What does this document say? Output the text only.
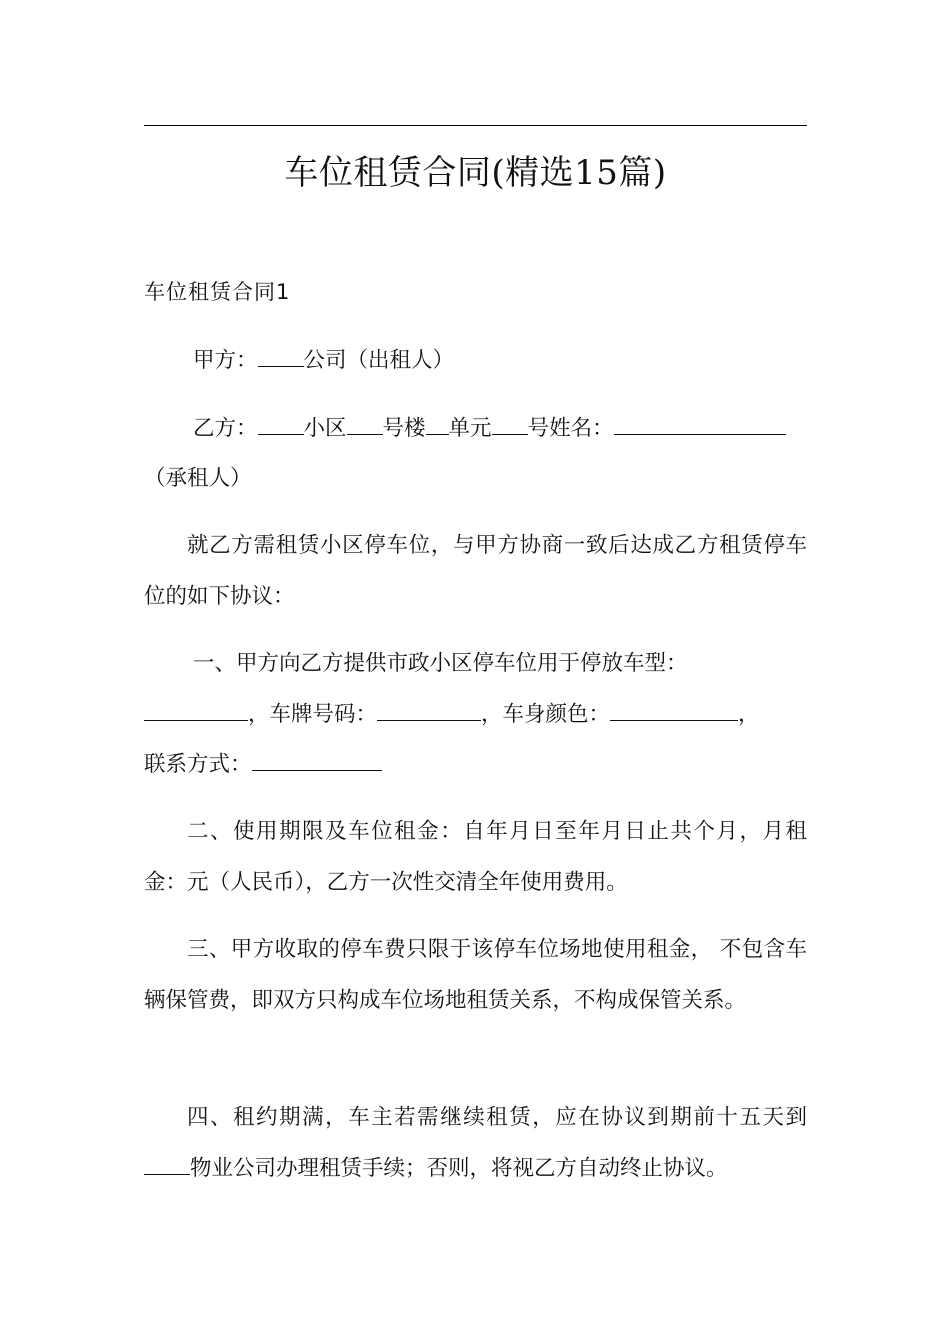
车位租赁合同(精选15篇)
车位租赁合同1

甲方： 公司（出租人）

乙方： 小区 号楼 单元 号姓名：

（承租人）

就乙方需租赁小区停车位，与甲方协商一致后达成乙方租赁停车位的如下协议：

一、甲方向乙方提供市政小区停车位用于停放车型：

，车牌号码：	，车身颜色：	，

联系方式：

二、使用期限及车位租金：自年月日至年月日止共个月，月租金：元（人民币），乙方一次性交清全年使用费用。

三、甲方收取的停车费只限于该停车位场地使用租金， 不包含车辆保管费，即双方只构成车位场地租赁关系，不构成保管关系。

四、租约期满，车主若需继续租赁，应在协议到期前十五天到物业公司办理租赁手续；否则，将视乙方自动终止协议。
